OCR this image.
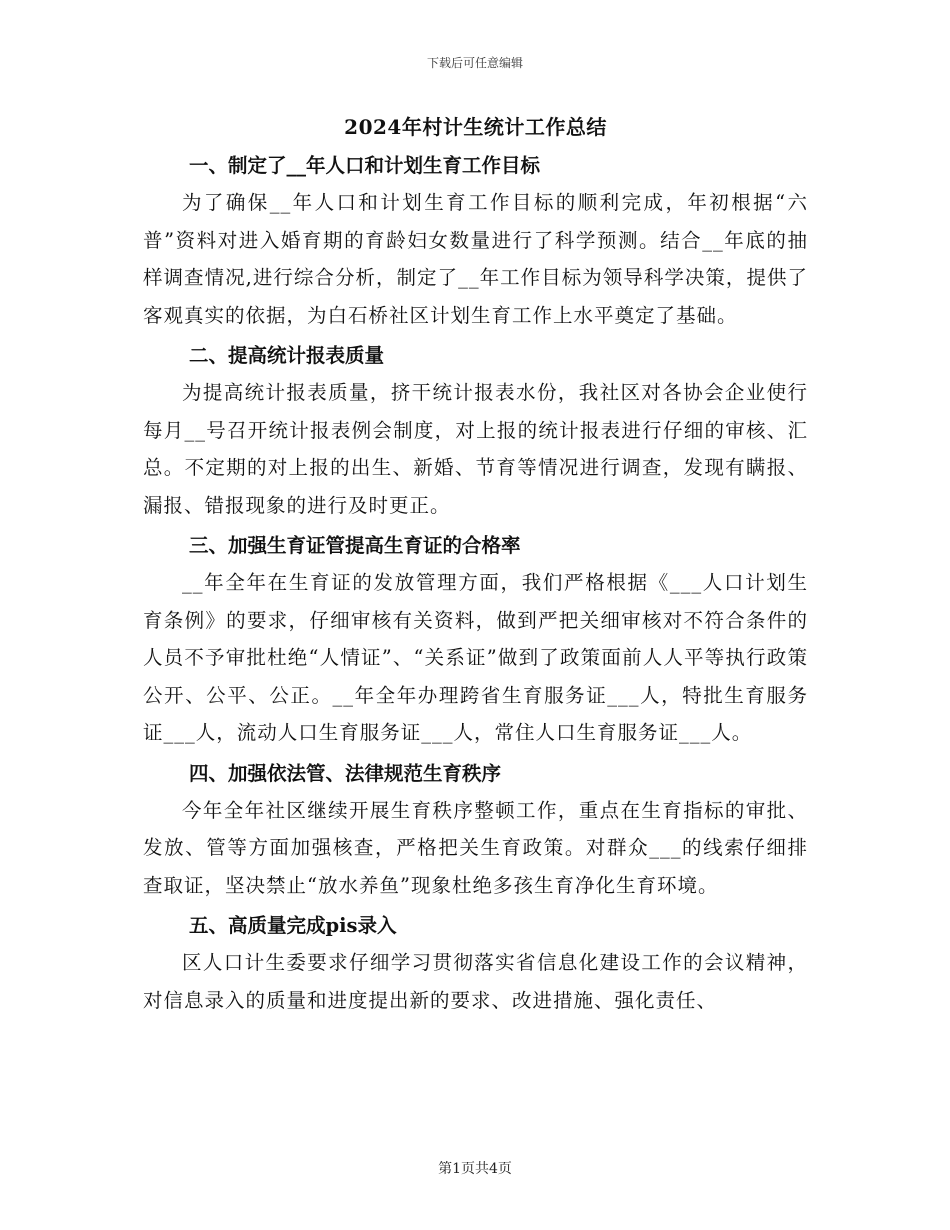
下载后可任意编辑
2024年村计生统计工作总结
一、制定了__年人口和计划生育工作目标

为了确保__年人口和计划生育工作目标的顺利完成，年初根据“六普”资料对进入婚育期的育龄妇女数量进行了科学预测。结合__年底的抽样调查情况,进行综合分析，制定了__年工作目标为领导科学决策，提供了客观真实的依据，为白石桥社区计划生育工作上水平奠定了基础。

二、提高统计报表质量

为提高统计报表质量，挤干统计报表水份，我社区对各协会企业使行每月__号召开统计报表例会制度，对上报的统计报表进行仔细的审核、汇总。不定期的对上报的出生、新婚、节育等情况进行调查，发现有瞒报、漏报、错报现象的进行及时更正。

三、加强生育证管提高生育证的合格率

__年全年在生育证的发放管理方面，我们严格根据《___人口计划生育条例》的要求，仔细审核有关资料，做到严把关细审核对不符合条件的人员不予审批杜绝“人情证”、“关系证”做到了政策面前人人平等执行政策公开、公平、公正。__年全年办理跨省生育服务证___人，特批生育服务证___人，流动人口生育服务证___人，常住人口生育服务证___人。

四、加强依法管、法律规范生育秩序

今年全年社区继续开展生育秩序整顿工作，重点在生育指标的审批、发放、管等方面加强核查，严格把关生育政策。对群众___的线索仔细排查取证，坚决禁止“放水养鱼”现象杜绝多孩生育净化生育环境。

五、高质量完成pis录入

区人口计生委要求仔细学习贯彻落实省信息化建设工作的会议精神，对信息录入的质量和进度提出新的要求、改进措施、强化责任、

第1页共4页
